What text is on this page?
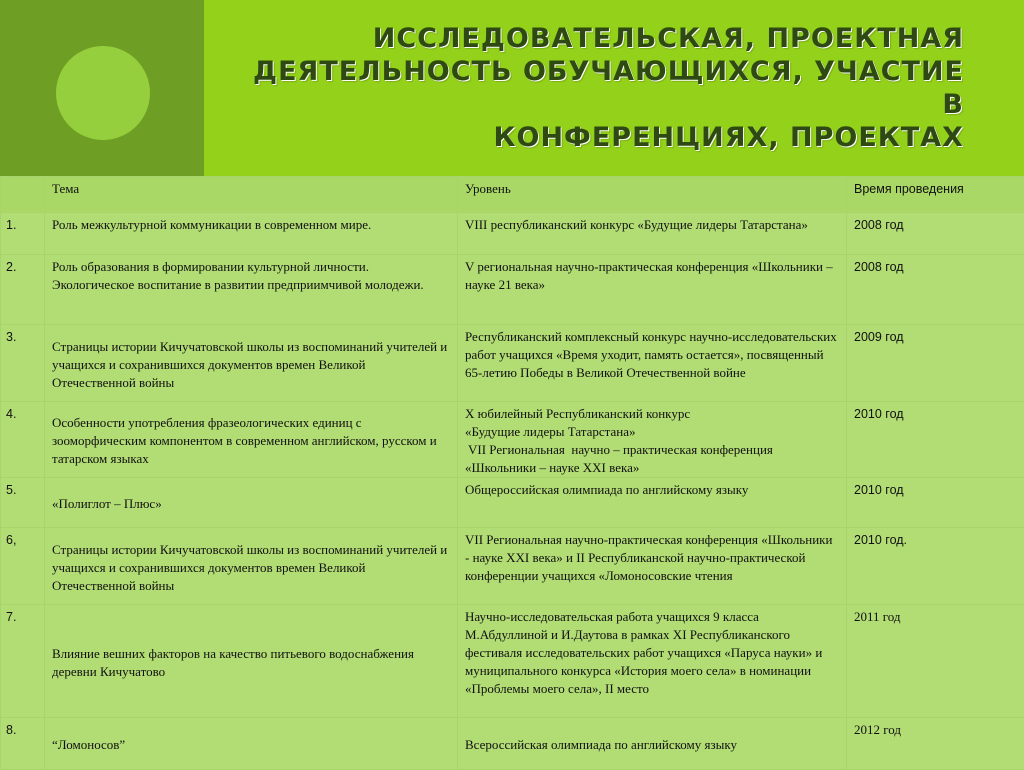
ИССЛЕДОВАТЕЛЬСКАЯ, ПРОЕКТНАЯ
ДЕЯТЕЛЬНОСТЬ ОБУЧАЮЩИХСЯ, УЧАСТИЕ В
КОНФЕРЕНЦИЯХ, ПРОЕКТАХ
	Тема	Уровень	Время проведения
1.	Роль межкультурной коммуникации в современном мире.	VIII республиканский конкурс «Будущие лидеры Татарстана»	2008 год
2.	Роль образования в формировании культурной личности. Экологическое воспитание в развитии предприимчивой молодежи.	V региональная научно-практическая конференция «Школьники – науке 21 века»	2008 год
3.	Страницы истории Кичучатовской школы из воспоминаний учителей и учащихся и сохранившихся документов времен Великой Отечественной войны	Республиканский комплексный конкурс научно-исследовательских работ учащихся «Время уходит, память остается», посвященный 65-летию Победы в Великой Отечественной войне	2009 год
4.	Особенности употребления фразеологических единиц с зооморфическим компонентом в современном английском, русском и татарском языках	X юбилейный Республиканский конкурс
«Будущие лидеры Татарстана»
VII Региональная  научно – практическая конференция
«Школьники – науке XXI века»	2010 год
5.	«Полиглот – Плюс»	Общероссийская олимпиада по английскому языку	2010 год
6,	Страницы истории Кичучатовской школы из воспоминаний учителей и учащихся и сохранившихся документов времен Великой Отечественной войны	VII Региональная научно-практическая конференция «Школьники - науке XXI века» и II Республиканской научно-практической конференции учащихся «Ломоносовские чтения	2010 год.
7.	Влияние вешних факторов на качество питьевого водоснабжения деревни Кичучатово	Научно-исследовательская работа учащихся 9 класса М.Абдуллиной и И.Даутова в рамках XI Республиканского фестиваля исследовательских работ учащихся «Паруса науки» и муниципального конкурса «История моего села» в номинации «Проблемы моего села», II место	2011 год
8.	“Ломоносов”	Всероссийская олимпиада по английскому языку	2012 год
